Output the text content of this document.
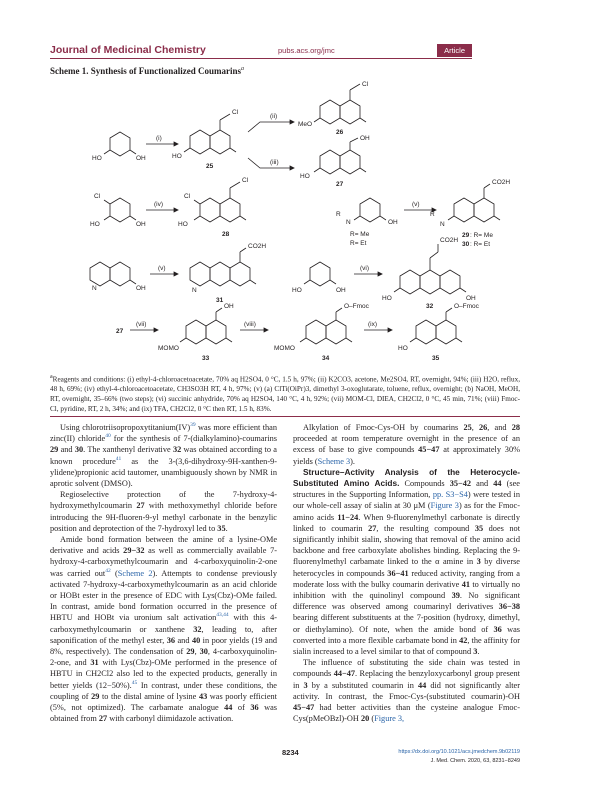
Journal of Medicinal Chemistry	pubs.acs.org/jmc	Article
Scheme 1. Synthesis of Functionalized Coumarins$^a$
HO	OH
(i)
HO
Cl
25
(ii)
(iii)
MeO
Cl
26
OH
HO
27
Cl
HO	OH
(iv)
Cl
HO
Cl
28
R
N	OH
R= Me
R= Et
(v)
R
N
CO2H
29 : R= Me
30 : R= Et
N	OH
(v)
N
CO2H
31
HO	OH
(vi)
CO2H
HO	OH
32
27
(vii)
MOMO
OH
33
(viii)
MOMO
O–Fmoc
34
(ix)
HO
O–Fmoc
35
$^a$Reagents and conditions: (i) ethyl-4-chloroacetoacetate, 70% aq H2SO4, 0 °C, 1.5 h, 97%; (ii) K2CO3, acetone, Me2SO4, RT, overnight, 94%; (iii) H2O, reflux, 48 h, 69%; (iv) ethyl-4-chloroacetoacetate, CH3SO3H RT, 4 h, 97%; (v) (a) ClTi(OiPr)3, dimethyl 3-oxoglutarate, toluene, reflux, overnight; (b) NaOH, MeOH, RT, overnight, 35–66% (two steps); (vi) succinic anhydride, 70% aq H2SO4, 140 °C, 4 h, 92%; (vii) MOM-Cl, DIEA, CH2Cl2, 0 °C, 45 min, 71%; (viii) Fmoc-Cl, pyridine, RT, 2 h, 34%; and (ix) TFA, CH2Cl2, 0 °C then RT, 1.5 h, 83%.

Using chlorotriisopropoxytitanium(IV)$^{39}$ was more efficient than zinc(II) chloride$^{40}$ for the synthesis of 7-(dialkylamino)-coumarins 29 and 30. The xanthenyl derivative 32 was obtained according to a known procedure$^{41}$ as the 3-(3,6-dihydroxy-9H-xanthen-9-ylidene)propionic acid tautomer, unambiguously shown by NMR in aprotic solvent (DMSO).

Regioselective protection of the 7-hydroxy-4-hydroxymethylcoumarin 27 with methoxymethyl chloride before introducing the 9H-fluoren-9-yl methyl carbonate in the benzylic position and deprotection of the 7-hydroxyl led to 35.

Amide bond formation between the amine of a lysine-OMe derivative and acids 29−32 as well as commercially available 7-hydroxy-4-carboxymethylcoumarin and 4-carboxyquinolin-2-one was carried out$^{42}$ (Scheme 2). Attempts to condense previously activated 7-hydroxy-4-carboxymethylcoumarin as an acid chloride or HOBt ester in the presence of EDC with Lys(Cbz)-OMe failed. In contrast, amide bond formation occurred in the presence of HBTU and HOBt via uronium salt activation$^{43,44}$ with this 4-carboxymethylcoumarin or xanthene 32, leading to, after saponification of the methyl ester, 36 and 40 in poor yields (19 and 8%, respectively). The condensation of 29, 30, 4-carboxyquinolin-2-one, and 31 with Lys(Cbz)-OMe performed in the presence of HBTU in CH2Cl2 also led to the expected products, generally in better yields (12−50%).$^{45}$ In contrast, under these conditions, the coupling of 29 to the distal amine of lysine 43 was poorly efficient (5%, not optimized). The carbamate analogue 44 of 36 was obtained from 27 with carbonyl diimidazole activation.

Alkylation of Fmoc-Cys-OH by coumarins 25, 26, and 28 proceeded at room temperature overnight in the presence of an excess of base to give compounds 45−47 at approximately 30% yields (Scheme 3).

Structure–Activity Analysis of the Heterocycle-Substituted Amino Acids. Compounds 35−42 and 44 (see structures in the Supporting Information, pp. S3−S4) were tested in our whole-cell assay of sialin at 30 μM (Figure 3) as for the Fmoc-amino acids 11−24. When 9-fluorenylmethyl carbonate is directly linked to coumarin 27, the resulting compound 35 does not significantly inhibit sialin, showing that removal of the amino acid backbone and free carboxylate abolishes binding. Replacing the 9-fluorenylmethyl carbamate linked to the α amine in 3 by diverse heterocycles in compounds 36−41 reduced activity, ranging from a moderate loss with the bulky coumarin derivative 41 to virtually no inhibition with the quinolinyl compound 39. No significant difference was observed among coumarinyl derivatives 36−38 bearing different substituents at the 7-position (hydroxy, dimethyl, or diethylamino). Of note, when the amide bond of 36 was converted into a more flexible carbamate bond in 42, the affinity for sialin increased to a level similar to that of compound 3.

The influence of substituting the side chain was tested in compounds 44−47. Replacing the benzyloxycarbonyl group present in 3 by a substituted coumarin in 44 did not significantly alter activity. In contrast, the Fmoc-Cys-(substituted coumarin)-OH 45−47 had better activities than the cysteine analogue Fmoc-Cys(pMeOBzl)-OH 20 (Figure 3,

8234	https://dx.doi.org/10.1021/acs.jmedchem.9b02119
J. Med. Chem. 2020, 63, 8231−8249
